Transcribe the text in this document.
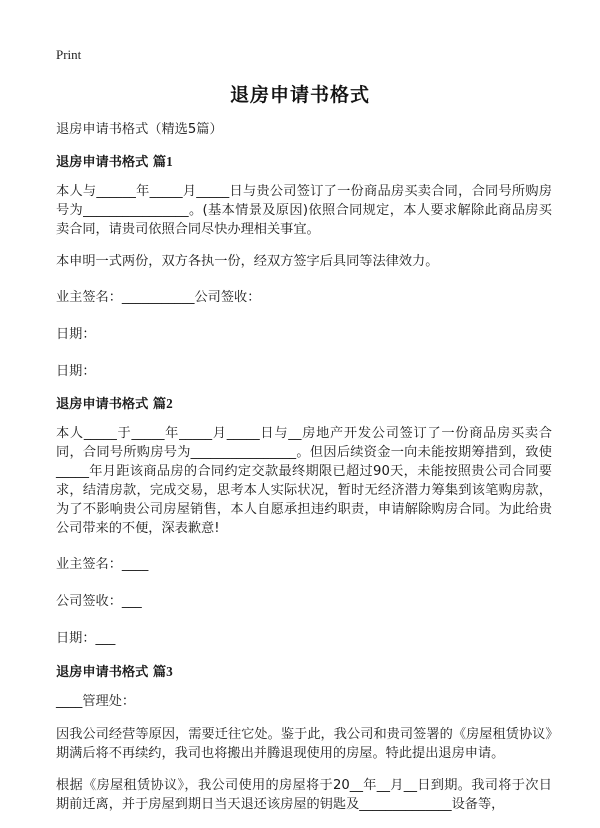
Print
退房申请书格式
退房申请书格式（精选5篇）
退房申请书格式 篇1

本人与______年_____月_____日与贵公司签订了一份商品房买卖合同，合同号所购房号为________________。(基本情景及原因)依照合同规定，本人要求解除此商品房买卖合同，请贵司依照合同尽快办理相关事宜。

本申明一式两份，双方各执一份，经双方签字后具同等法律效力。

业主签名：___________公司签收：
日期：
日期：
退房申请书格式 篇2

本人_____于_____年_____月_____日与__房地产开发公司签订了一份商品房买卖合同，合同号所购房号为________________。但因后续资金一向未能按期筹措到，致使_____年月距该商品房的合同约定交款最终期限已超过90天，未能按照贵公司合同要求，结清房款，完成交易，思考本人实际状况，暂时无经济潜力筹集到该笔购房款，为了不影响贵公司房屋销售，本人自愿承担违约职责，申请解除购房合同。为此给贵公司带来的不便，深表歉意!

业主签名：____
公司签收：___
日期：___
退房申请书格式 篇3
____管理处：

因我公司经营等原因，需要迁往它处。鉴于此，我公司和贵司签署的《房屋租赁协议》期满后将不再续约，我司也将搬出并腾退现使用的房屋。特此提出退房申请。

根据《房屋租赁协议》，我公司使用的房屋将于20__年__月__日到期。我司将于次日期前迁离，并于房屋到期日当天退还该房屋的钥匙及______________设备等，
